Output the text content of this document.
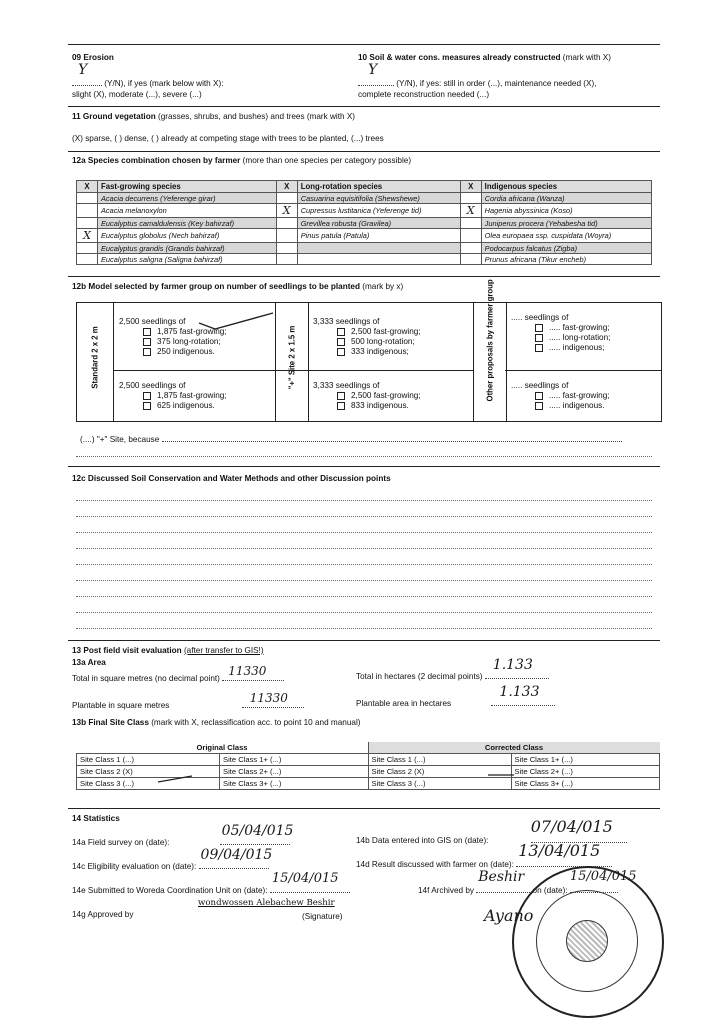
09 Erosion
Y
(Y/N), if yes (mark below with X):
slight (X), moderate (...), severe (...)
10 Soil & water cons. measures already constructed (mark with X)
Y
(Y/N), if yes: still in order (...), maintenance needed (X),
complete reconstruction needed (...)
11 Ground vegetation (grasses, shrubs, and bushes) and trees (mark with X)
(X) sparse, ( ) dense, ( ) already at competing stage with trees to be planted, (...) trees
12a Species combination chosen by farmer (more than one species per category possible)
X	Fast-growing species	X	Long-rotation species	X	Indigenous species
	Acacia decurrens (Yeferenge girar)		Casuarina equisitifolia (Shewshewe)		Cordia africana (Wanza)
	Acacia melanoxylon	X	Cupressus lustitanica (Yeferenge tid)	X	Hagenia abyssinica (Koso)
	Eucalyptus camaldulensis (Key bahirzaf)		Grevillea robusta (Gravilea)		Juniperus procera (Yehabesha tid)
X	Eucalyptus globolus (Nech bahirzaf)		Pinus patula (Patula)		Olea europaea ssp. cuspidata (Woyra)
	Eucalyptus grandis (Grandis bahirzaf)				Podocarpus falcatus (Zigba)
	Eucalyptus saligna (Saligna bahirzaf)				Prunus africana (Tikur encheb)
12b Model selected by farmer group on number of seedlings to be planted (mark by x)
Standard 2 x 2 m
2,500 seedlings of
1,875 fast-growing;
375 long-rotation;
250 indigenous.
2,500 seedlings of
1,875 fast-growing;
625 indigenous.
"+" Site 2 x 1.5 m
3,333 seedlings of
2,500 fast-growing;
500 long-rotation;
333 indigenous;
3,333 seedlings of
2,500 fast-growing;
833 indigenous.
Other proposals by farmer group ..... seedlings of
..... fast-growing;
..... long-rotation;
..... indigenous;
..... seedlings of
..... fast-growing;
..... indigenous.
(....) "+" Site, because
12c Discussed Soil Conservation and Water Methods and other Discussion points
13 Post field visit evaluation (after transfer to GIS!)
13a Area
Total in square metres (no decimal point)
11330	Total in hectares (2 decimal points)
1.133
Plantable in square metres
11330	Plantable area in hectares
1.133
13b Final Site Class (mark with X, reclassification acc. to point 10 and manual)
Original Class		Corrected Class	
Site Class 1 (...)	Site Class 1+ (...)	Site Class 1 (...)	Site Class 1+ (...)
Site Class 2 (X)	Site Class 2+ (...)	Site Class 2 (X)	Site Class 2+ (...)
Site Class 3 (...)	Site Class 3+ (...)	Site Class 3 (...)	Site Class 3+ (...)
14 Statistics
14a Field survey on (date):
05/04/015
14b Data entered into GIS on (date):
07/04/015
14c Eligibility evaluation on (date):
09/04/015
14d Result discussed with farmer on (date):
13/04/015
14e Submitted to Woreda Coordination Unit on (date):
15/04/015
14f Archived by
Beshir
on (date):
15/04/015
14g Approved by
wondwossen Alebachew Beshir
(Signature)	Ayano
